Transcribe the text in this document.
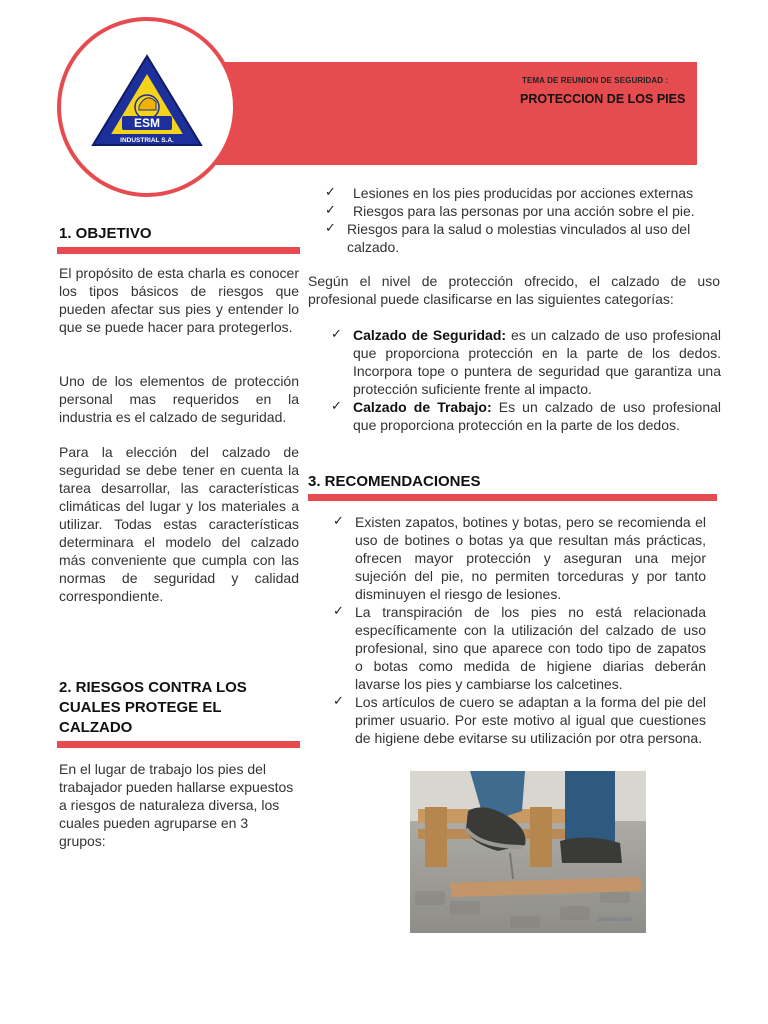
TEMA DE REUNION DE SEGURIDAD :
PROTECCION DE LOS PIES
ESM
INDUSTRIAL S.A.
1. OBJETIVO

El propósito de esta charla es conocer los tipos básicos de riesgos que pueden afectar sus pies y entender lo que se puede hacer para protegerlos.

Uno de los elementos de protección personal mas requeridos en la industria es el calzado de seguridad.

Para la elección del calzado de seguridad se debe tener en cuenta la tarea desarrollar, las características climáticas del lugar y los materiales a utilizar. Todas estas características determinara el modelo del calzado más conveniente que cumpla con las normas de seguridad y calidad correspondiente.

2. RIESGOS CONTRA LOS
CUALES PROTEGE EL
CALZADO

En el lugar de trabajo los pies del trabajador pueden hallarse expuestos a riesgos de naturaleza diversa, los cuales pueden agruparse en 3 grupos:

✓ Lesiones en los pies producidas por acciones externas
✓ Riesgos para las personas por una acción sobre el pie.
✓ Riesgos para la salud o molestias vinculados al uso del calzado.

Según el nivel de protección ofrecido, el calzado de uso profesional puede clasificarse en las siguientes categorías:

✓ Calzado de Seguridad: es un calzado de uso profesional que proporciona protección en la parte de los dedos. Incorpora tope o puntera de seguridad que garantiza una protección suficiente frente al impacto.
✓ Calzado de Trabajo: Es un calzado de uso profesional que proporciona protección en la parte de los dedos.
3. RECOMENDACIONES
✓ Existen zapatos, botines y botas, pero se recomienda el uso de botines o botas ya que resultan más prácticas, ofrecen mayor protección y aseguran una mejor sujeción del pie, no permiten torceduras y por tanto disminuyen el riesgo de lesiones.
✓ La transpiración de los pies no está relacionada específicamente con la utilización del calzado de uso profesional, sino que aparece con todo tipo de zapatos o botas como medida de higiene diarias deberán lavarse los pies y cambiarse los calcetines.
✓ Los artículos de cuero se adaptan a la forma del pie del primer usuario. Por este motivo al igual que cuestiones de higiene debe evitarse su utilización por otra persona.
prevencionar
